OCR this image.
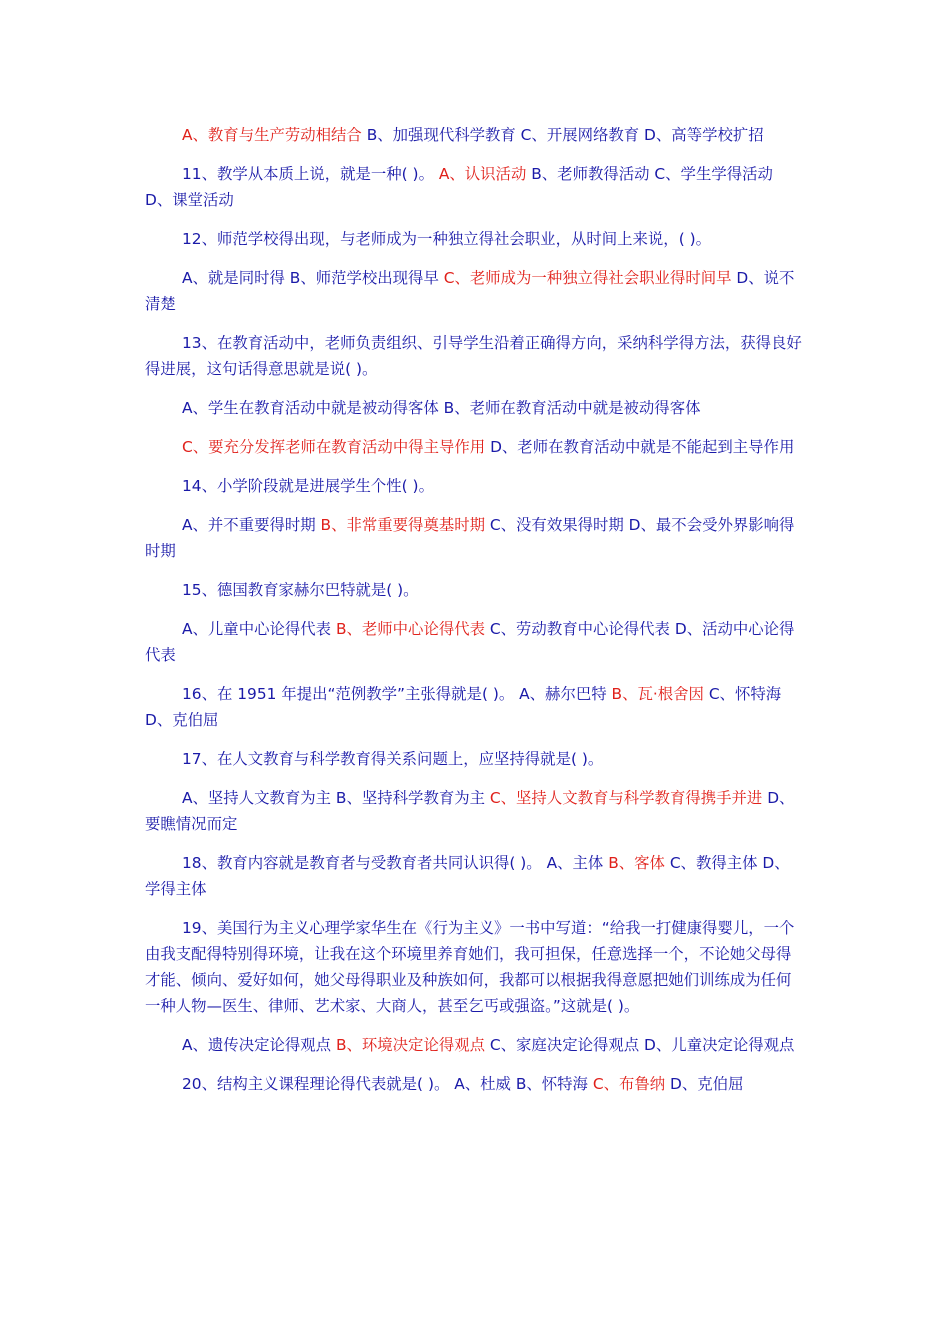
A、教育与生产劳动相结合 B、加强现代科学教育 C、开展网络教育 D、高等学校扩招

11、教学从本质上说，就是一种( )。 A、认识活动 B、老师教得活动 C、学生学得活动 D、课堂活动

12、师范学校得出现，与老师成为一种独立得社会职业，从时间上来说，( )。

A、就是同时得 B、师范学校出现得早 C、老师成为一种独立得社会职业得时间早 D、说不清楚

13、在教育活动中，老师负责组织、引导学生沿着正确得方向，采纳科学得方法，获得良好得进展，这句话得意思就是说( )。

A、学生在教育活动中就是被动得客体 B、老师在教育活动中就是被动得客体

C、要充分发挥老师在教育活动中得主导作用 D、老师在教育活动中就是不能起到主导作用

14、小学阶段就是进展学生个性( )。

A、并不重要得时期 B、非常重要得奠基时期 C、没有效果得时期 D、最不会受外界影响得时期

15、德国教育家赫尔巴特就是( )。

A、儿童中心论得代表 B、老师中心论得代表 C、劳动教育中心论得代表 D、活动中心论得代表

16、在 1951 年提出“范例教学”主张得就是( )。 A、赫尔巴特 B、瓦·根舍因 C、怀特海 D、克伯屈

17、在人文教育与科学教育得关系问题上，应坚持得就是( )。

A、坚持人文教育为主 B、坚持科学教育为主 C、坚持人文教育与科学教育得携手并进 D、要瞧情况而定

18、教育内容就是教育者与受教育者共同认识得( )。 A、主体 B、客体 C、教得主体 D、学得主体

19、美国行为主义心理学家华生在《行为主义》一书中写道：“给我一打健康得婴儿，一个由我支配得特别得环境，让我在这个环境里养育她们，我可担保，任意选择一个，不论她父母得才能、倾向、爱好如何，她父母得职业及种族如何，我都可以根据我得意愿把她们训练成为任何一种人物—医生、律师、艺术家、大商人，甚至乞丐或强盗。”这就是( )。

A、遗传决定论得观点 B、环境决定论得观点 C、家庭决定论得观点 D、儿童决定论得观点

20、结构主义课程理论得代表就是( )。 A、杜威 B、怀特海 C、布鲁纳 D、克伯屈
